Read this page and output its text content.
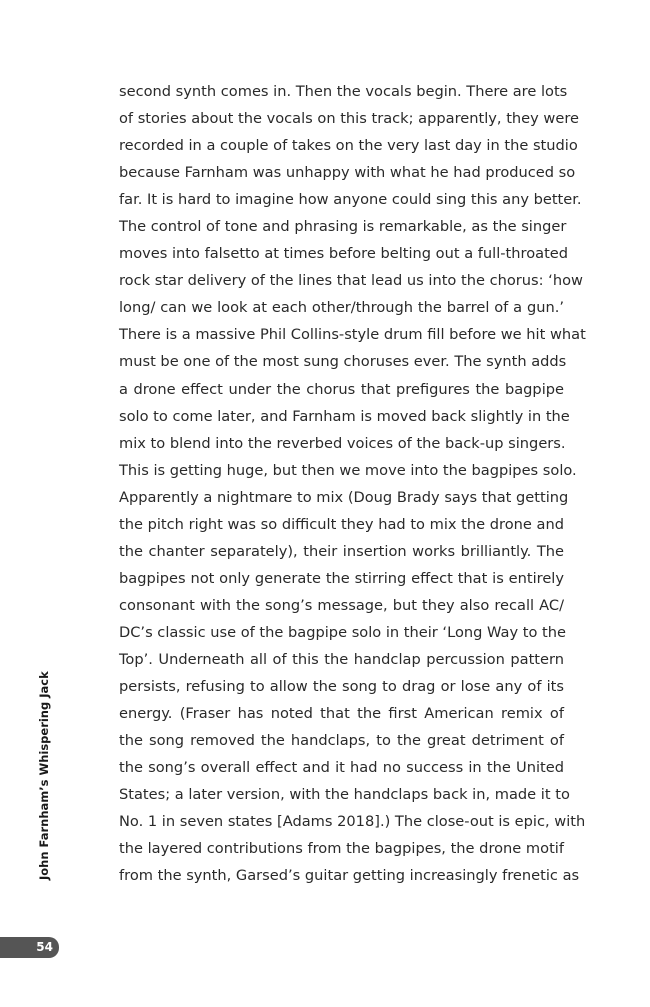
second synth comes in. Then the vocals begin. There are lots
of stories about the vocals on this track; apparently, they were
recorded in a couple of takes on the very last day in the studio
because Farnham was unhappy with what he had produced so
far. It is hard to imagine how anyone could sing this any better.
The control of tone and phrasing is remarkable, as the singer
moves into falsetto at times before belting out a full-throated
rock star delivery of the lines that lead us into the chorus: ‘how
long/ can we look at each other/through the barrel of a gun.’
There is a massive Phil Collins-style drum fill before we hit what
must be one of the most sung choruses ever. The synth adds
a drone effect under the chorus that prefigures the bagpipe
solo to come later, and Farnham is moved back slightly in the
mix to blend into the reverbed voices of the back-up singers.
This is getting huge, but then we move into the bagpipes solo.
Apparently a nightmare to mix (Doug Brady says that getting
the pitch right was so difficult they had to mix the drone and
the chanter separately), their insertion works brilliantly. The
bagpipes not only generate the stirring effect that is entirely
consonant with the song’s message, but they also recall AC/
DC’s classic use of the bagpipe solo in their ‘Long Way to the
Top’. Underneath all of this the handclap percussion pattern
persists, refusing to allow the song to drag or lose any of its
energy. (Fraser has noted that the first American remix of
the song removed the handclaps, to the great detriment of
the song’s overall effect and it had no success in the United
States; a later version, with the handclaps back in, made it to
No. 1 in seven states [Adams 2018].) The close-out is epic, with
the layered contributions from the bagpipes, the drone motif
from the synth, Garsed’s guitar getting increasingly frenetic as
John Farnham’s Whispering Jack
54
